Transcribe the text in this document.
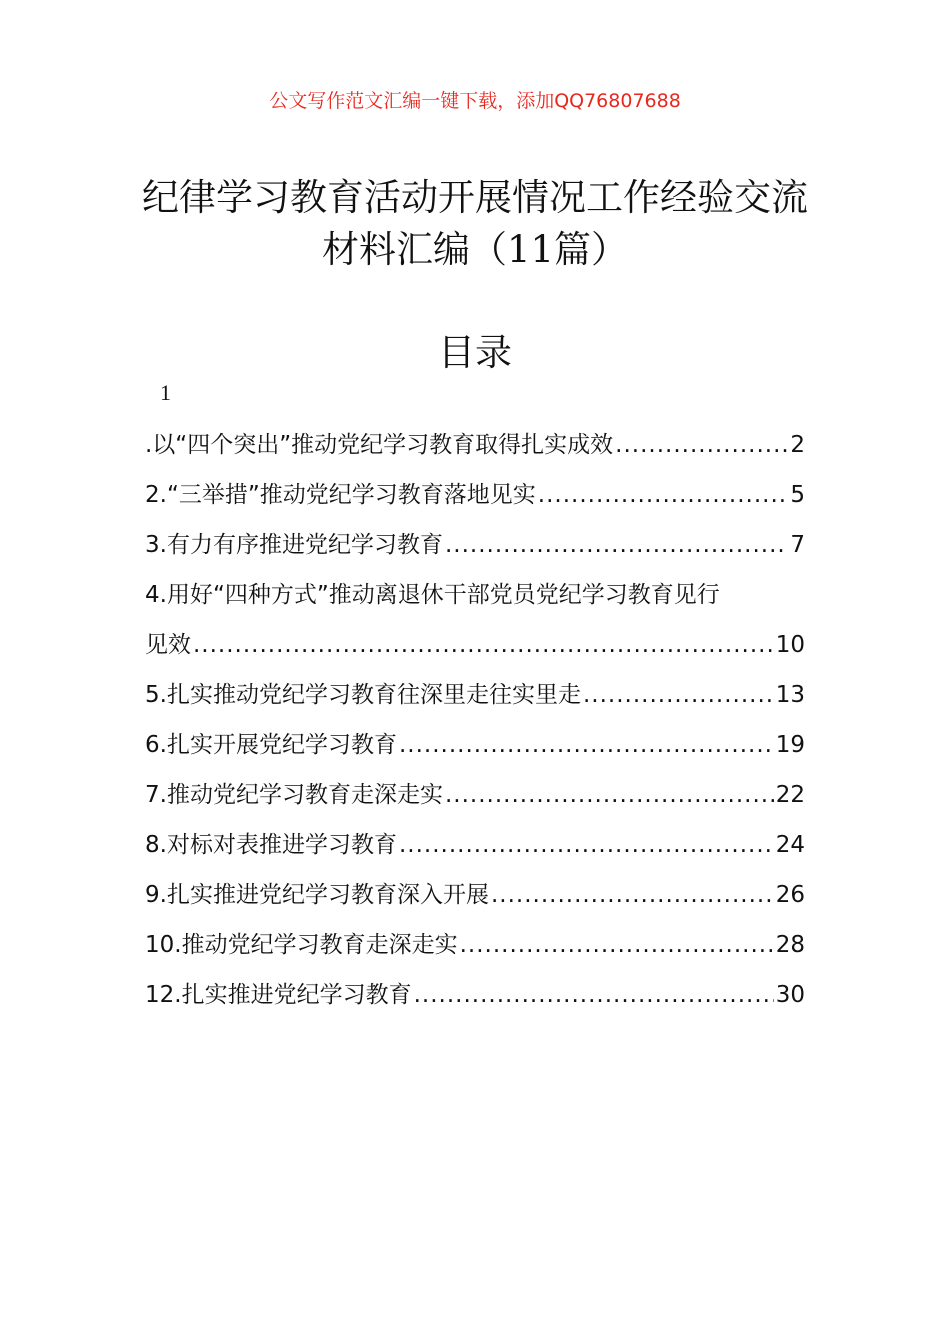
公文写作范文汇编一键下载，添加QQ76807688
纪律学习教育活动开展情况工作经验交流

材料汇编（11篇）
目录
1
.以“四个突出”推动党纪学习教育取得扎实成效 .....	2
2.“三举措”推动党纪学习教育落地见实 .....	5
3.有力有序推进党纪学习教育 .....	7
4.用好“四种方式”推动离退休干部党员党纪学习教育见行
见效 .....	10
5.扎实推动党纪学习教育往深里走往实里走 .....	13
6.扎实开展党纪学习教育 .....	19
7.推动党纪学习教育走深走实 .....	22
8.对标对表推进学习教育 .....	24
9.扎实推进党纪学习教育深入开展 .....	26
10.推动党纪学习教育走深走实 .....	28
12.扎实推进党纪学习教育 .....	30
